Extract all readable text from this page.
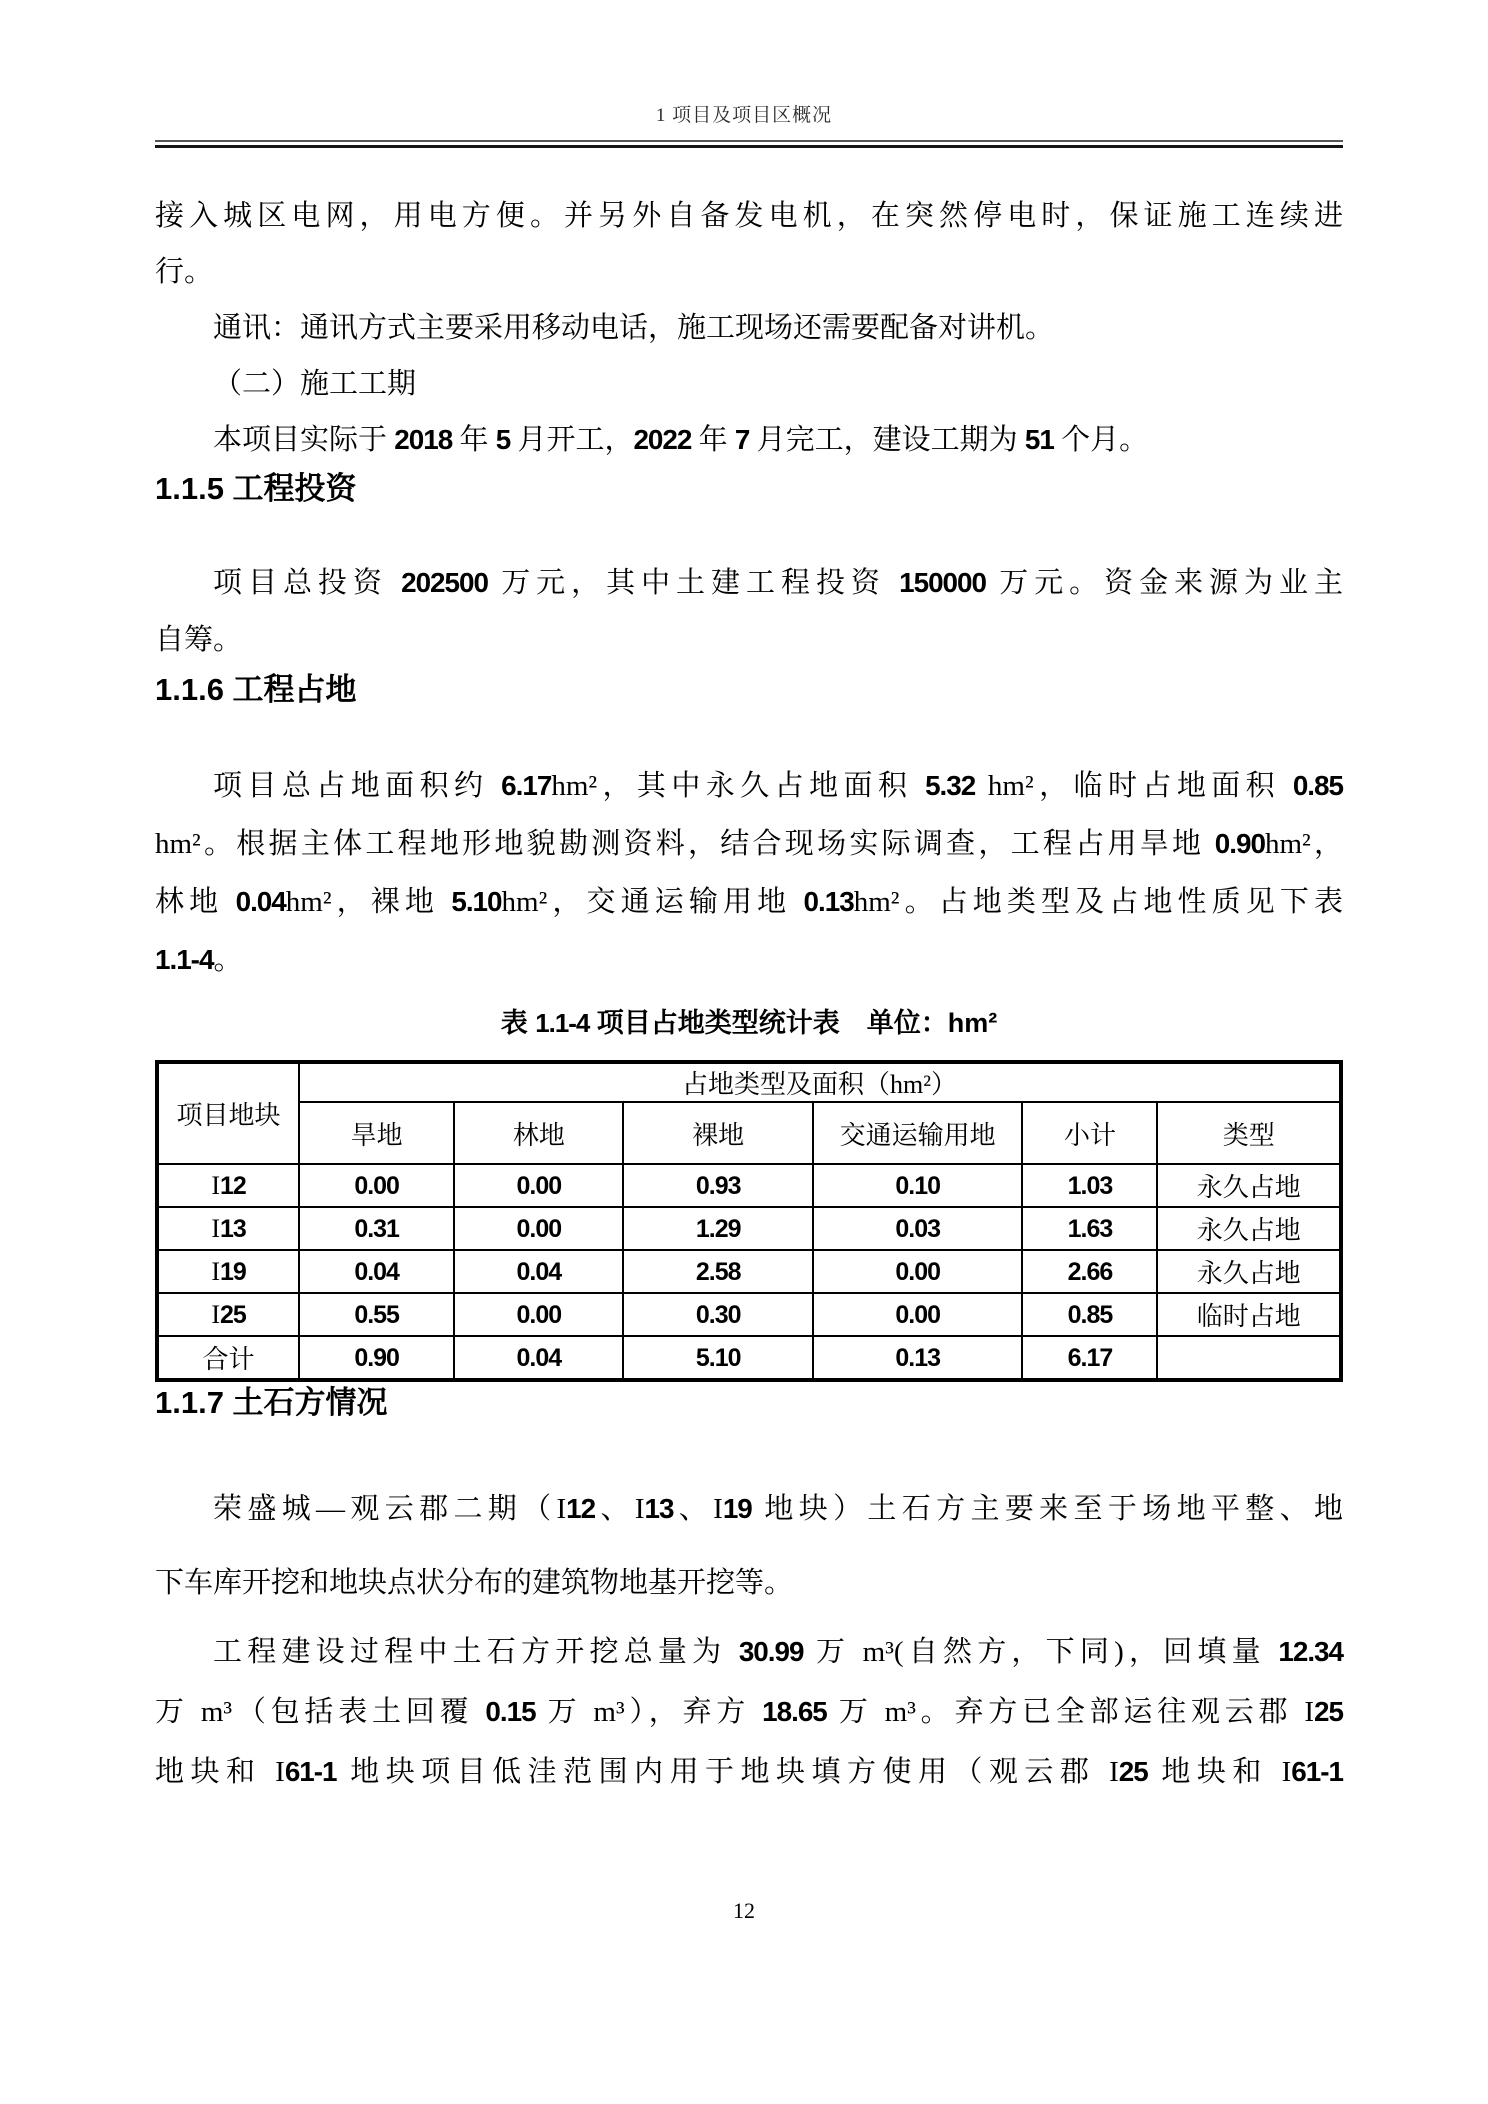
1 项目及项目区概况
接入城区电网，用电方便。并另外自备发电机，在突然停电时，保证施工连续进
行。
通讯：通讯方式主要采用移动电话，施工现场还需要配备对讲机。
（二）施工工期
本项目实际于 2018 年 5 月开工，2022 年 7 月完工，建设工期为 51 个月。
1.1.5 工程投资
项目总投资 202500 万元，其中土建工程投资 150000 万元。资金来源为业主
自筹。
1.1.6 工程占地
项目总占地面积约 6.17hm²，其中永久占地面积 5.32 hm²，临时占地面积 0.85
hm²。根据主体工程地形地貌勘测资料，结合现场实际调查，工程占用旱地 0.90hm²，
林地 0.04hm²，裸地 5.10hm²，交通运输用地 0.13hm²。占地类型及占地性质见下表
1.1-4。
表 1.1-4 项目占地类型统计表　单位：hm²
项目地块	占地类型及面积（hm²）					
	旱地	林地	裸地	交通运输用地	小计	类型
I12	0.00	0.00	0.93	0.10	1.03	永久占地
I13	0.31	0.00	1.29	0.03	1.63	永久占地
I19	0.04	0.04	2.58	0.00	2.66	永久占地
I25	0.55	0.00	0.30	0.00	0.85	临时占地
合计	0.90	0.04	5.10	0.13	6.17	
1.1.7 土石方情况
荣盛城—观云郡二期（I12、I13、I19 地块）土石方主要来至于场地平整、地
下车库开挖和地块点状分布的建筑物地基开挖等。
工程建设过程中土石方开挖总量为 30.99 万 m³(自然方，下同)，回填量 12.34
万 m³（包括表土回覆 0.15 万 m³），弃方 18.65 万 m³。弃方已全部运往观云郡 I25
地块和 I61-1 地块项目低洼范围内用于地块填方使用（观云郡 I25 地块和 I61-1
12
